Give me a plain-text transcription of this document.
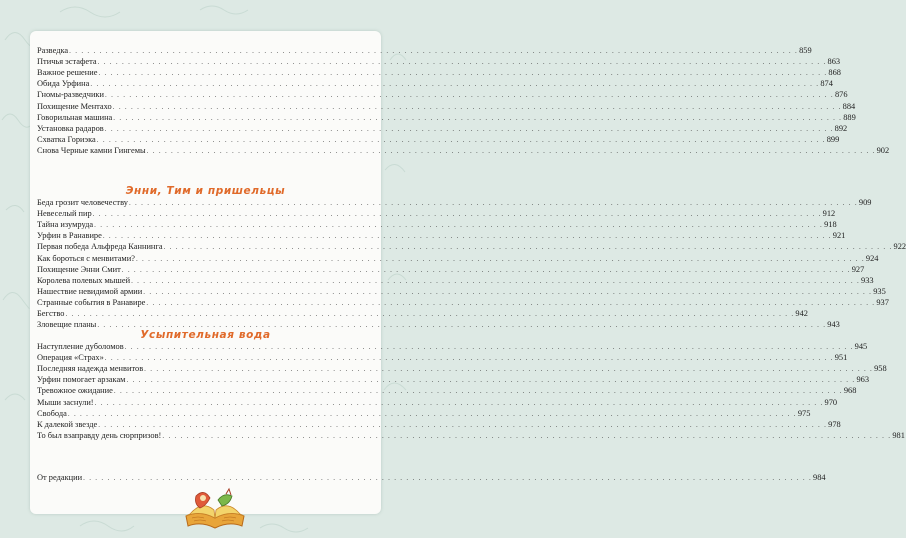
Разведка . . . . . . . . . . . . . . . . . . . . . . . . . . . . . . . . . . . . . . . . . . . . . . . . . . . . . . . . . . . . . . . . . . . . . . . . . . . . . . . . . . . . . . . . . . . . . . . . . . . . . . . . . . . . . . . . . . . . . . . . 859
Птичья эстафета . . . . . . . . . . . . . . . . . . . . . . . . . . . . . . . . . . . . . . . . . . . . . . . . . . . . . . . . . . . . . . . . . . . . . . . . . . . . . . . . . . . . . . . . . . . . . . . . . . . . . . . . . . . . . . . . . . . . . . . . 863
Важное решение . . . . . . . . . . . . . . . . . . . . . . . . . . . . . . . . . . . . . . . . . . . . . . . . . . . . . . . . . . . . . . . . . . . . . . . . . . . . . . . . . . . . . . . . . . . . . . . . . . . . . . . . . . . . . . . . . . . . . . . . 868
Обида Урфина . . . . . . . . . . . . . . . . . . . . . . . . . . . . . . . . . . . . . . . . . . . . . . . . . . . . . . . . . . . . . . . . . . . . . . . . . . . . . . . . . . . . . . . . . . . . . . . . . . . . . . . . . . . . . . . . . . . . . . . . 874
Гномы-разведчики . . . . . . . . . . . . . . . . . . . . . . . . . . . . . . . . . . . . . . . . . . . . . . . . . . . . . . . . . . . . . . . . . . . . . . . . . . . . . . . . . . . . . . . . . . . . . . . . . . . . . . . . . . . . . . . . . . . . . . . . 876
Похищение Ментахо . . . . . . . . . . . . . . . . . . . . . . . . . . . . . . . . . . . . . . . . . . . . . . . . . . . . . . . . . . . . . . . . . . . . . . . . . . . . . . . . . . . . . . . . . . . . . . . . . . . . . . . . . . . . . . . . . . . . . . . . 884
Говорильная машина . . . . . . . . . . . . . . . . . . . . . . . . . . . . . . . . . . . . . . . . . . . . . . . . . . . . . . . . . . . . . . . . . . . . . . . . . . . . . . . . . . . . . . . . . . . . . . . . . . . . . . . . . . . . . . . . . . . . . . . . 889
Установка радаров . . . . . . . . . . . . . . . . . . . . . . . . . . . . . . . . . . . . . . . . . . . . . . . . . . . . . . . . . . . . . . . . . . . . . . . . . . . . . . . . . . . . . . . . . . . . . . . . . . . . . . . . . . . . . . . . . . . . . . . . 892
Схватка Гориэка . . . . . . . . . . . . . . . . . . . . . . . . . . . . . . . . . . . . . . . . . . . . . . . . . . . . . . . . . . . . . . . . . . . . . . . . . . . . . . . . . . . . . . . . . . . . . . . . . . . . . . . . . . . . . . . . . . . . . . . . 899
Снова Черные камни Гингемы . . . . . . . . . . . . . . . . . . . . . . . . . . . . . . . . . . . . . . . . . . . . . . . . . . . . . . . . . . . . . . . . . . . . . . . . . . . . . . . . . . . . . . . . . . . . . . . . . . . . . . . . . . . . . . . . . . . . . . . . 902
Энни, Тим и пришельцы
Беда грозит человечеству . . . . . . . . . . . . . . . . . . . . . . . . . . . . . . . . . . . . . . . . . . . . . . . . . . . . . . . . . . . . . . . . . . . . . . . . . . . . . . . . . . . . . . . . . . . . . . . . . . . . . . . . . . . . . . . . . . . . . . . . 909
Невеселый пир . . . . . . . . . . . . . . . . . . . . . . . . . . . . . . . . . . . . . . . . . . . . . . . . . . . . . . . . . . . . . . . . . . . . . . . . . . . . . . . . . . . . . . . . . . . . . . . . . . . . . . . . . . . . . . . . . . . . . . . . 912
Тайна изумруда . . . . . . . . . . . . . . . . . . . . . . . . . . . . . . . . . . . . . . . . . . . . . . . . . . . . . . . . . . . . . . . . . . . . . . . . . . . . . . . . . . . . . . . . . . . . . . . . . . . . . . . . . . . . . . . . . . . . . . . . 918
Урфин в Ранавире . . . . . . . . . . . . . . . . . . . . . . . . . . . . . . . . . . . . . . . . . . . . . . . . . . . . . . . . . . . . . . . . . . . . . . . . . . . . . . . . . . . . . . . . . . . . . . . . . . . . . . . . . . . . . . . . . . . . . . . . 921
Первая победа Альфреда Каннинга . . . . . . . . . . . . . . . . . . . . . . . . . . . . . . . . . . . . . . . . . . . . . . . . . . . . . . . . . . . . . . . . . . . . . . . . . . . . . . . . . . . . . . . . . . . . . . . . . . . . . . . . . . . . . . . . . . . . . . . . 922
Как бороться с менвитами? . . . . . . . . . . . . . . . . . . . . . . . . . . . . . . . . . . . . . . . . . . . . . . . . . . . . . . . . . . . . . . . . . . . . . . . . . . . . . . . . . . . . . . . . . . . . . . . . . . . . . . . . . . . . . . . . . . . . . . . . 924
Похищение Энни Смит . . . . . . . . . . . . . . . . . . . . . . . . . . . . . . . . . . . . . . . . . . . . . . . . . . . . . . . . . . . . . . . . . . . . . . . . . . . . . . . . . . . . . . . . . . . . . . . . . . . . . . . . . . . . . . . . . . . . . . . . 927
Королева полевых мышей . . . . . . . . . . . . . . . . . . . . . . . . . . . . . . . . . . . . . . . . . . . . . . . . . . . . . . . . . . . . . . . . . . . . . . . . . . . . . . . . . . . . . . . . . . . . . . . . . . . . . . . . . . . . . . . . . . . . . . . . 933
Нашествие невидимой армии . . . . . . . . . . . . . . . . . . . . . . . . . . . . . . . . . . . . . . . . . . . . . . . . . . . . . . . . . . . . . . . . . . . . . . . . . . . . . . . . . . . . . . . . . . . . . . . . . . . . . . . . . . . . . . . . . . . . . . . . 935
Странные события в Ранавире . . . . . . . . . . . . . . . . . . . . . . . . . . . . . . . . . . . . . . . . . . . . . . . . . . . . . . . . . . . . . . . . . . . . . . . . . . . . . . . . . . . . . . . . . . . . . . . . . . . . . . . . . . . . . . . . . . . . . . . . 937
Бегство . . . . . . . . . . . . . . . . . . . . . . . . . . . . . . . . . . . . . . . . . . . . . . . . . . . . . . . . . . . . . . . . . . . . . . . . . . . . . . . . . . . . . . . . . . . . . . . . . . . . . . . . . . . . . . . . . . . . . . . . 942
Зловещие планы . . . . . . . . . . . . . . . . . . . . . . . . . . . . . . . . . . . . . . . . . . . . . . . . . . . . . . . . . . . . . . . . . . . . . . . . . . . . . . . . . . . . . . . . . . . . . . . . . . . . . . . . . . . . . . . . . . . . . . . . 943
Усыпительная вода
Наступление дуболомов . . . . . . . . . . . . . . . . . . . . . . . . . . . . . . . . . . . . . . . . . . . . . . . . . . . . . . . . . . . . . . . . . . . . . . . . . . . . . . . . . . . . . . . . . . . . . . . . . . . . . . . . . . . . . . . . . . . . . . . . 945
Операция «Страх» . . . . . . . . . . . . . . . . . . . . . . . . . . . . . . . . . . . . . . . . . . . . . . . . . . . . . . . . . . . . . . . . . . . . . . . . . . . . . . . . . . . . . . . . . . . . . . . . . . . . . . . . . . . . . . . . . . . . . . . . 951
Последняя надежда менвитов . . . . . . . . . . . . . . . . . . . . . . . . . . . . . . . . . . . . . . . . . . . . . . . . . . . . . . . . . . . . . . . . . . . . . . . . . . . . . . . . . . . . . . . . . . . . . . . . . . . . . . . . . . . . . . . . . . . . . . . . 958
Урфин помогает арзакам . . . . . . . . . . . . . . . . . . . . . . . . . . . . . . . . . . . . . . . . . . . . . . . . . . . . . . . . . . . . . . . . . . . . . . . . . . . . . . . . . . . . . . . . . . . . . . . . . . . . . . . . . . . . . . . . . . . . . . . . 963
Тревожное ожидание . . . . . . . . . . . . . . . . . . . . . . . . . . . . . . . . . . . . . . . . . . . . . . . . . . . . . . . . . . . . . . . . . . . . . . . . . . . . . . . . . . . . . . . . . . . . . . . . . . . . . . . . . . . . . . . . . . . . . . . . 968
Мыши заснули! . . . . . . . . . . . . . . . . . . . . . . . . . . . . . . . . . . . . . . . . . . . . . . . . . . . . . . . . . . . . . . . . . . . . . . . . . . . . . . . . . . . . . . . . . . . . . . . . . . . . . . . . . . . . . . . . . . . . . . . . 970
Свобода . . . . . . . . . . . . . . . . . . . . . . . . . . . . . . . . . . . . . . . . . . . . . . . . . . . . . . . . . . . . . . . . . . . . . . . . . . . . . . . . . . . . . . . . . . . . . . . . . . . . . . . . . . . . . . . . . . . . . . . . 975
К далекой звезде . . . . . . . . . . . . . . . . . . . . . . . . . . . . . . . . . . . . . . . . . . . . . . . . . . . . . . . . . . . . . . . . . . . . . . . . . . . . . . . . . . . . . . . . . . . . . . . . . . . . . . . . . . . . . . . . . . . . . . . . 978
То был взаправду день сюрпризов! . . . . . . . . . . . . . . . . . . . . . . . . . . . . . . . . . . . . . . . . . . . . . . . . . . . . . . . . . . . . . . . . . . . . . . . . . . . . . . . . . . . . . . . . . . . . . . . . . . . . . . . . . . . . . . . . . . . . . . . . 981
От редакции . . . . . . . . . . . . . . . . . . . . . . . . . . . . . . . . . . . . . . . . . . . . . . . . . . . . . . . . . . . . . . . . . . . . . . . . . . . . . . . . . . . . . . . . . . . . . . . . . . . . . . . . . . . . . . . . . . . . . . . . 984
